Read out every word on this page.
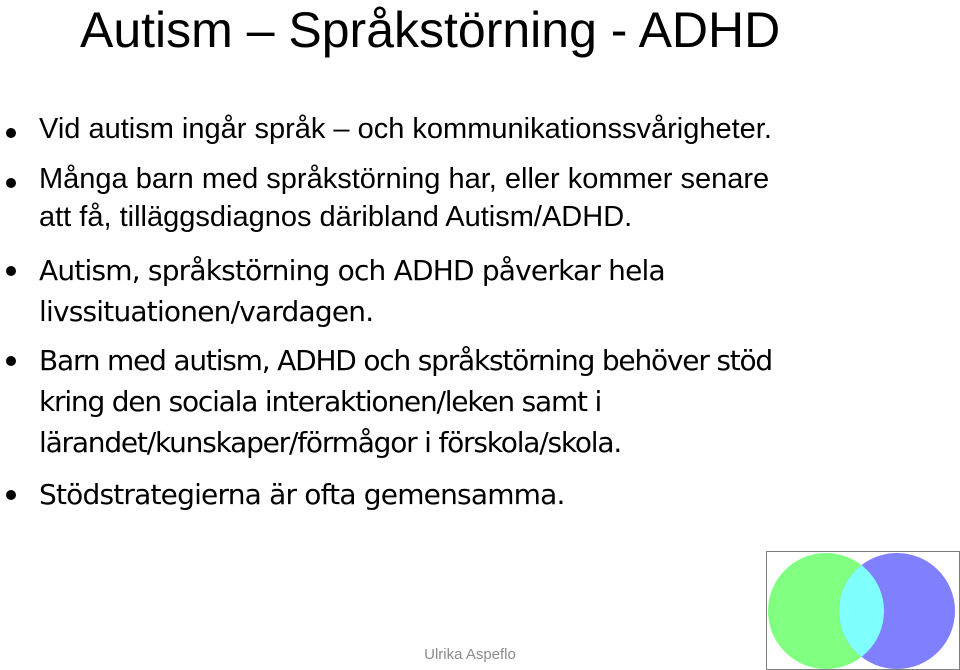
Autism – Språkstörning - ADHD

Vid autism ingår språk – och kommunikationssvårigheter.

Många barn med språkstörning har, eller kommer senare
att få, tilläggsdiagnos däribland Autism/ADHD.

Autism, språkstörning och ADHD påverkar hela
livssituationen/vardagen.

Barn med autism, ADHD och språkstörning behöver stöd
kring den sociala interaktionen/leken samt i
lärandet/kunskaper/förmågor i förskola/skola.

Stödstrategierna är ofta gemensamma.

Ulrika Aspeflo
